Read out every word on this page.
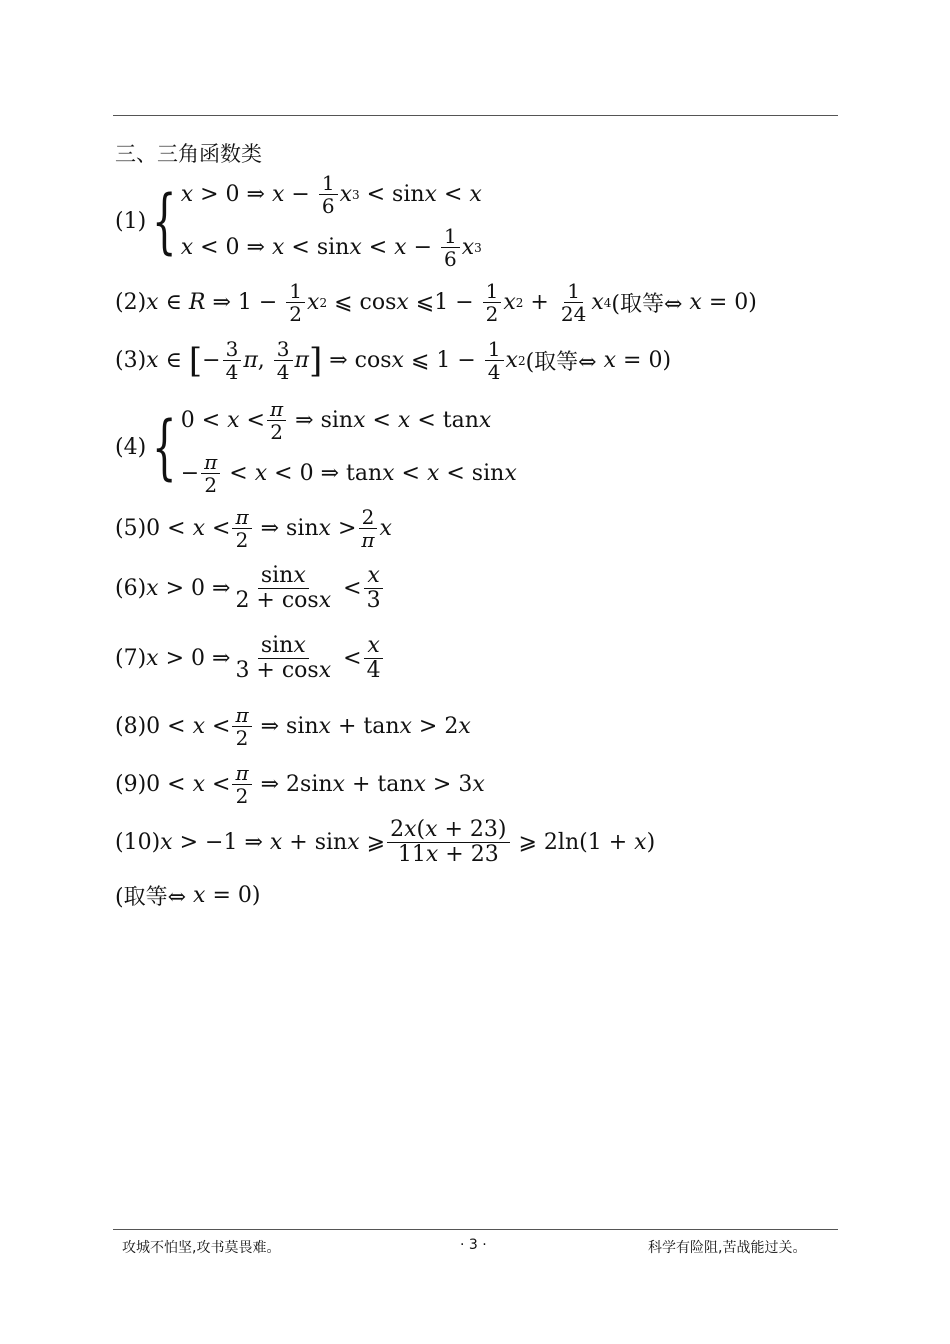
三、三角函数类
(1) { x > 0 ⇒ $x - \frac{1}{6}$ x 3 < sin x < x
x < 0 ⇒ $x < \sin x < x - \frac{1}{6}$ x 3
(2) x ∈ R ⇒ $1 - \frac{1}{2}$ x 2 ⩽ cos x ⩽1 − $\frac{1}{2}$ x $2 + \frac{1}{24}$ x 4 (取等⇔
x = 0)
(3) x ∈ [ − $\frac{3}{4}$ π , $\frac{3}{4}$ π ] ⇒ cos x ⩽ $1 - \frac{1}{4}$ x 2 (取等⇔
x = 0)
(4) { $0 < x < \frac{\pi}{2}$ ⇒ sin x < x < tan x
− $\frac{\pi}{2} < x < 0$ ⇒ tan x < x < sin x
(5) $0 < x < \frac{\pi}{2}$ ⇒ $\sin x > \frac{2}{\pi}$ x
(6) x > 0 ⇒ $\frac{\sin x}{2 + \cos x} < \frac{x}{3}$
(7) x > 0 ⇒ $\frac{\sin x}{3 + \cos x} < \frac{x}{4}$
(8) $0 < x < \frac{\pi}{2}$ ⇒ sin x + tan x > 2 x
(9) $0 < x < \frac{\pi}{2}$ ⇒ 2sin x + tan x > 3 x
(10) x > −1 ⇒ x + sin x ⩾ $\frac{2x(x + 23)}{11x + 23}$ ⩾ 2ln(1 + x )
(取等⇔
x = 0)
攻城不怕坚,攻书莫畏难。	· 3 ·	科学有险阻,苦战能过关。
